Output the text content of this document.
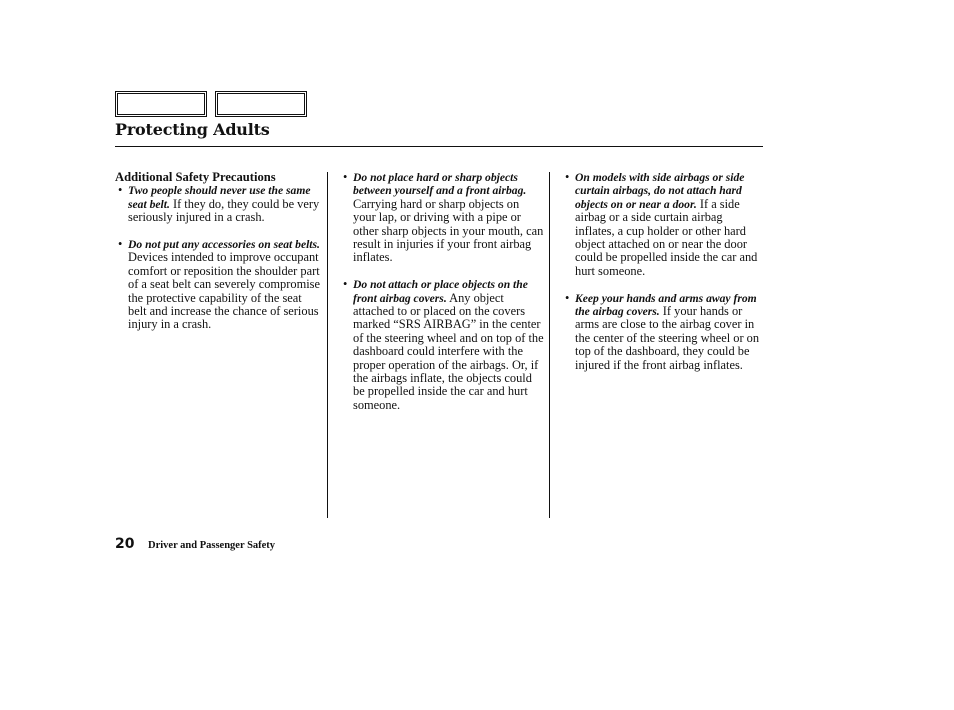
Protecting Adults
Additional Safety Precautions
• Two people should never use the same seat belt. If they do, they could be very seriously injured in a crash.
• Do not put any accessories on seat belts. Devices intended to improve occupant comfort or reposition the shoulder part of a seat belt can severely compromise the protective capability of the seat belt and increase the chance of serious injury in a crash.
• Do not place hard or sharp objects between yourself and a front airbag. Carrying hard or sharp objects on your lap, or driving with a pipe or other sharp objects in your mouth, can result in injuries if your front airbag inflates.
• Do not attach or place objects on the front airbag covers. Any object attached to or placed on the covers marked “SRS AIRBAG” in the center of the steering wheel and on top of the dashboard could interfere with the proper operation of the airbags. Or, if the airbags inflate, the objects could be propelled inside the car and hurt someone.
• On models with side airbags or side curtain airbags, do not attach hard objects on or near a door. If a side airbag or a side curtain airbag inflates, a cup holder or other hard object attached on or near the door could be propelled inside the car and hurt someone.
• Keep your hands and arms away from the airbag covers. If your hands or arms are close to the airbag cover in the center of the steering wheel or on top of the dashboard, they could be injured if the front airbag inflates.
20 Driver and Passenger Safety
